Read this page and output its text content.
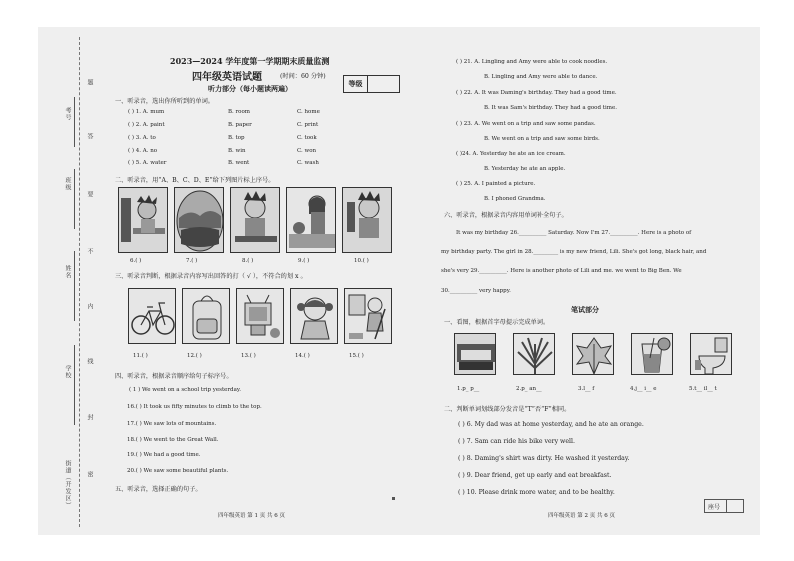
考号
班级
姓名
学校
街道（开发区）
题
答
要
不
内
线
封
密
2023—2024 学年度第一学期期末质量监测
四年级英语试题	(时间：60 分钟)
等级
听力部分（每小题读两遍）
一、听录音，选出你所听到的单词。
( ) 1. A. mum	B. room	C. home
( ) 2. A. paint	B. paper	C. print
( ) 3. A. to	B. top	C. took
( ) 4. A. no	B. win	C. won
( ) 5. A. water	B. went	C. wash
二、听录音，用“A、B、C、D、E”给下列图片标上序号。
6.( )	7.( )	8.( )	9.( )	10.( )
三、听录音判断，根据录音内容写出回答的打（ √ ），不符合的划 x 。
11.( )	12.( )	13.( )	14.( )	15.( )
四、听录音，根据录音顺序给句子标序号。
( 1 ) We went on a school trip yesterday.
16.( ) It took us fifty minutes to climb to the top.
17.( ) We saw lots of mountains.
18.( ) We went to the Great Wall.
19.( ) We had a good time.
20.( ) We saw some beautiful plants.
五、听录音，选择正确的句子。
四年级英语 第 1 页 共 6 页
( ) 21. A. Lingling and Amy were able to cook noodles.
B. Lingling and Amy were able to dance.
( ) 22. A. It was Daming's birthday. They had a good time.
B. It was Sam's birthday. They had a good time.
( ) 23. A. We went on a trip and saw some pandas.
B. We went on a trip and saw some birds.
( )24. A. Yesterday he ate an ice cream.
B. Yesterday he ate an apple.
( ) 25. A. I painted a picture.
B. I phoned Grandma.
六、听录音，根据录音内容用单词补全句子。
It was my birthday 26.__________ Saturday. Now I'm 27.__________. Here is a photo of
my birthday party. The girl in 28._________ is my new friend, Lili. She's got long, black hair, and
she's very 29.__________. Here is another photo of Lili and me. we went to Big Ben. We
30.__________ very happy.
笔试部分
一、看图，根据首字母提示完成单词。
1.p_ p__	2.p_ an__	3.l__ f	4.j__ i__ e	5.t__ il__ t
二、判断单词划线部分发音是“T”否“F”相同。
( ) 6. My dad was at home yesterday, and he ate an orange.
( ) 7. Sam can ride his bike very well.
( ) 8. Daming's shirt was dirty. He washed it yesterday.
( ) 9. Dear friend, get up early and eat breakfast.
( ) 10. Please drink more water, and to be healthy.
四年级英语 第 2 页 共 6 页
座号
